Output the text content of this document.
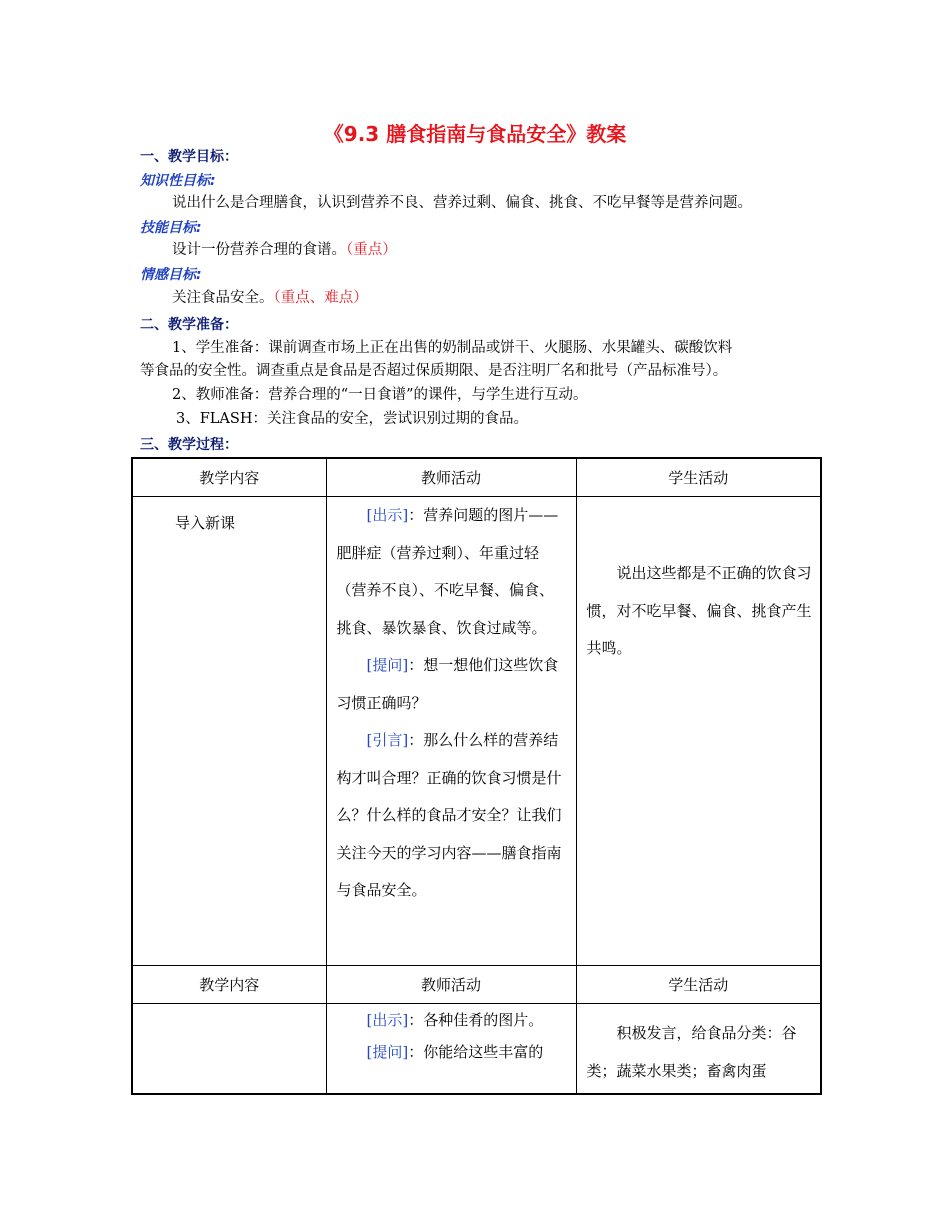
《9.3 膳食指南与食品安全》教案
一、教学目标：
知识性目标:
说出什么是合理膳食，认识到营养不良、营养过剩、偏食、挑食、不吃早餐等是营养问题。
技能目标:
设计一份营养合理的食谱。（重点）
情感目标:
关注食品安全。（重点、难点）
二、教学准备：
1、学生准备：课前调查市场上正在出售的奶制品或饼干、火腿肠、水果罐头、碳酸饮料
等食品的安全性。调查重点是食品是否超过保质期限、是否注明厂名和批号（产品标准号）。
2、教师准备：营养合理的“一日食谱”的课件，与学生进行互动。
3、FLASH：关注食品的安全，尝试识别过期的食品。
三、教学过程：
教学内容	教师活动	学生活动

导入新课	[出示]：营养问题的图片——肥胖症（营养过剩）、年重过轻（营养不良）、不吃早餐、偏食、挑食、暴饮暴食、饮食过咸等。
[提问]：想一想他们这些饮食习惯正确吗？
[引言]：那么什么样的营养结构才叫合理？正确的饮食习惯是什么？什么样的食品才安全？让我们关注今天的学习内容——膳食指南与食品安全。	说出这些都是不正确的饮食习惯，对不吃早餐、偏食、挑食产生共鸣。

教学内容	教师活动	学生活动

	[出示]：各种佳肴的图片。
[提问]：你能给这些丰富的	积极发言，给食品分类：谷类；蔬菜水果类；畜禽肉蛋
